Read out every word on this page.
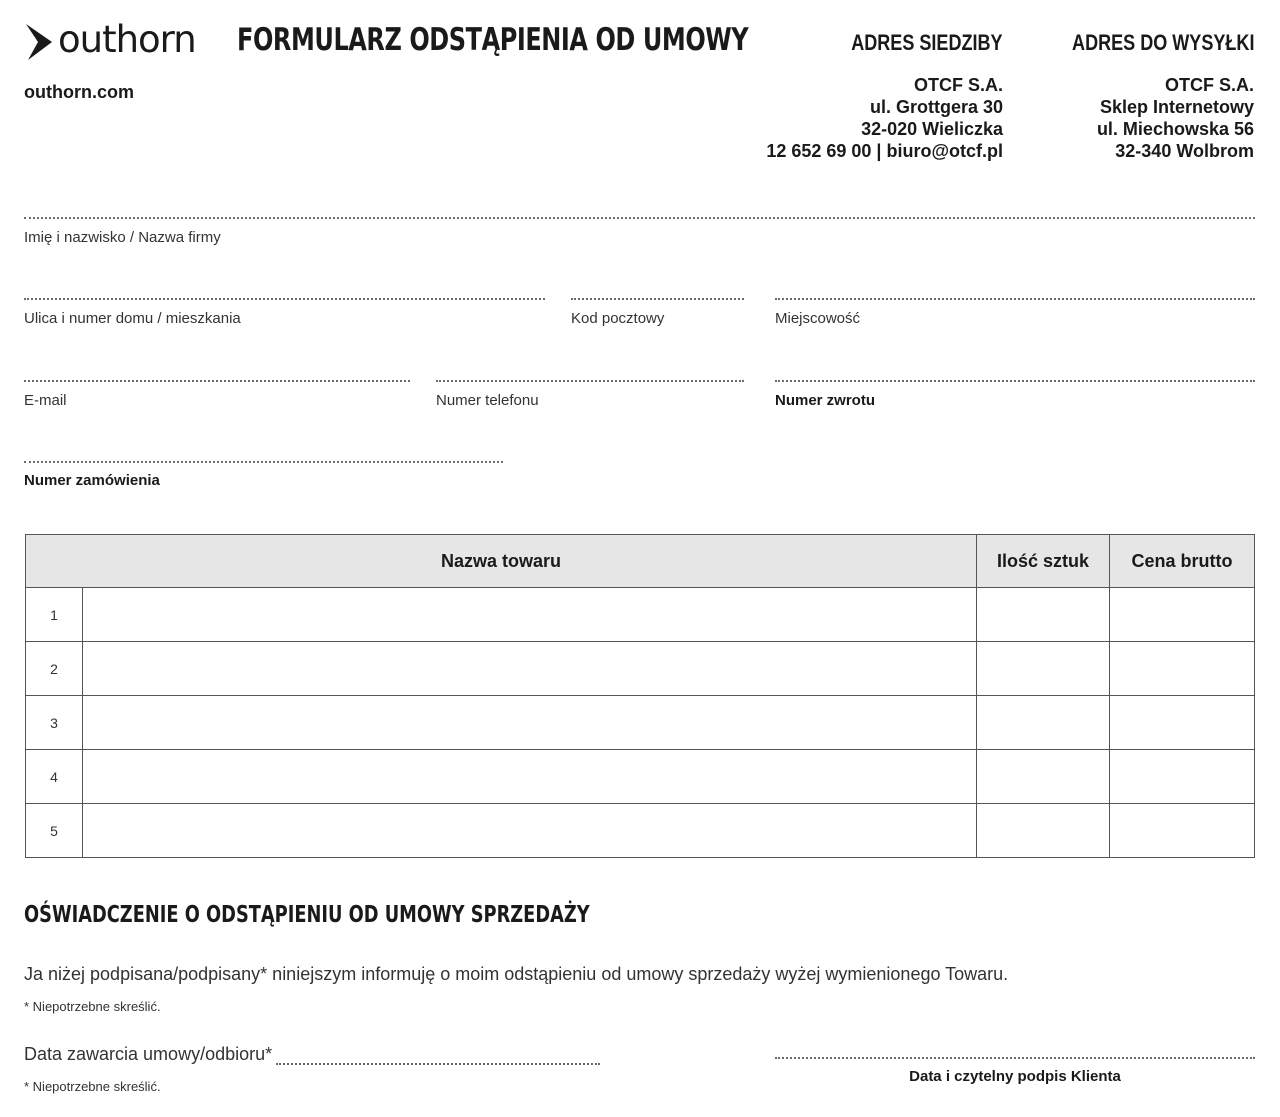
outhorn
outhorn.com
FORMULARZ ODSTĄPIENIA OD UMOWY	ADRES SIEDZIBY
OTCF S.A.
ul. Grottgera 30
32-020 Wieliczka
12 652 69 00 | biuro@otcf.pl
ADRES DO WYSYŁKI
OTCF S.A.
Sklep Internetowy
ul. Miechowska 56
32-340 Wolbrom
Imię i nazwisko / Nazwa firmy
Ulica i numer domu / mieszkania	Kod pocztowy	Miejscowość
E-mail	Numer telefonu	Numer zwrotu
Numer zamówienia
Nazwa towaru		Ilość sztuk	Cena brutto
1			
2			
3			
4			
5			
OŚWIADCZENIE O ODSTĄPIENIU OD UMOWY SPRZEDAŻY
Ja niżej podpisana/podpisany* niniejszym informuję o moim odstąpieniu od umowy sprzedaży wyżej wymienionego Towaru.
* Niepotrzebne skreślić.
Data zawarcia umowy/odbioru*
* Niepotrzebne skreślić.
Data i czytelny podpis Klienta
